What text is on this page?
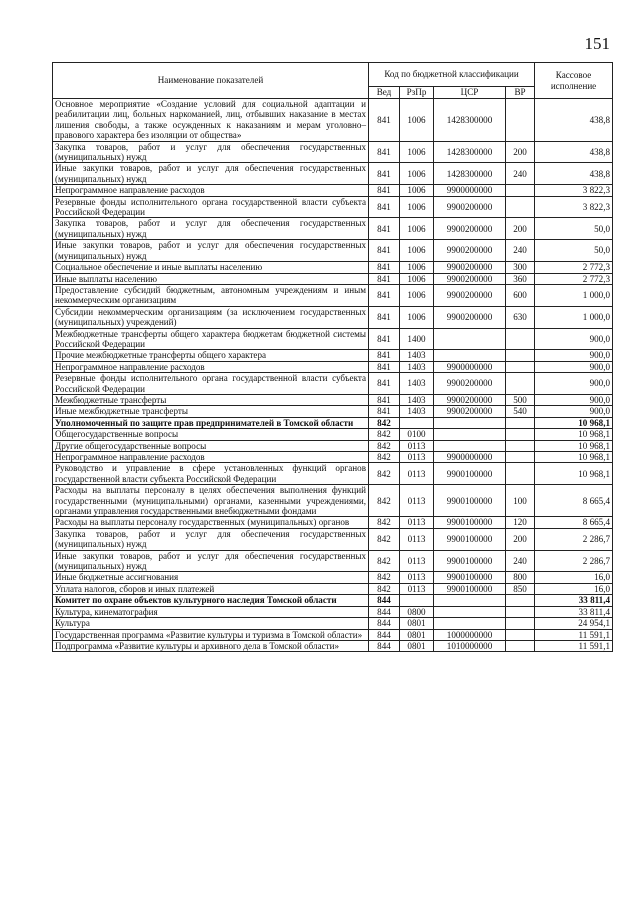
151
Наименование показателей	Код по бюджетной классификации				Кассовое исполнение
	Вед	РзПр	ЦСР	ВР	
Основное мероприятие «Создание условий для социальной адаптации и реабилитации лиц, больных наркоманией, лиц, отбывших наказание в местах лишения свободы, а также осужденных к наказаниям и мерам уголовно–правового характера без изоляции от общества»	841	1006	1428300000		438,8
Закупка товаров, работ и услуг для обеспечения государственных (муниципальных) нужд	841	1006	1428300000	200	438,8
Иные закупки товаров, работ и услуг для обеспечения государственных (муниципальных) нужд	841	1006	1428300000	240	438,8
Непрограммное направление расходов	841	1006	9900000000		3 822,3
Резервные фонды исполнительного органа государственной власти субъекта Российской Федерации	841	1006	9900200000		3 822,3
Закупка товаров, работ и услуг для обеспечения государственных (муниципальных) нужд	841	1006	9900200000	200	50,0
Иные закупки товаров, работ и услуг для обеспечения государственных (муниципальных) нужд	841	1006	9900200000	240	50,0
Социальное обеспечение и иные выплаты населению	841	1006	9900200000	300	2 772,3
Иные выплаты населению	841	1006	9900200000	360	2 772,3
Предоставление субсидий бюджетным, автономным учреждениям и иным некоммерческим организациям	841	1006	9900200000	600	1 000,0
Субсидии некоммерческим организациям (за исключением государственных (муниципальных) учреждений)	841	1006	9900200000	630	1 000,0
Межбюджетные трансферты общего характера бюджетам бюджетной системы Российской Федерации	841	1400			900,0
Прочие межбюджетные трансферты общего характера	841	1403			900,0
Непрограммное направление расходов	841	1403	9900000000		900,0
Резервные фонды исполнительного органа государственной власти субъекта Российской Федерации	841	1403	9900200000		900,0
Межбюджетные трансферты	841	1403	9900200000	500	900,0
Иные межбюджетные трансферты	841	1403	9900200000	540	900,0
Уполномоченный по защите прав предпринимателей в Томской области	842				10 968,1
Общегосударственные вопросы	842	0100			10 968,1
Другие общегосударственные вопросы	842	0113			10 968,1
Непрограммное направление расходов	842	0113	9900000000		10 968,1
Руководство и управление в сфере установленных функций органов государственной власти субъекта Российской Федерации	842	0113	9900100000		10 968,1
Расходы на выплаты персоналу в целях обеспечения выполнения функций государственными (муниципальными) органами, казенными учреждениями, органами управления государственными внебюджетными фондами	842	0113	9900100000	100	8 665,4
Расходы на выплаты персоналу государственных (муниципальных) органов	842	0113	9900100000	120	8 665,4
Закупка товаров, работ и услуг для обеспечения государственных (муниципальных) нужд	842	0113	9900100000	200	2 286,7
Иные закупки товаров, работ и услуг для обеспечения государственных (муниципальных) нужд	842	0113	9900100000	240	2 286,7
Иные бюджетные ассигнования	842	0113	9900100000	800	16,0
Уплата налогов, сборов и иных платежей	842	0113	9900100000	850	16,0
Комитет по охране объектов культурного наследия Томской области	844				33 811,4
Культура, кинематография	844	0800			33 811,4
Культура	844	0801			24 954,1
Государственная программа «Развитие культуры и туризма в Томской области»	844	0801	1000000000		11 591,1
Подпрограмма «Развитие культуры и архивного дела в Томской области»	844	0801	1010000000		11 591,1
